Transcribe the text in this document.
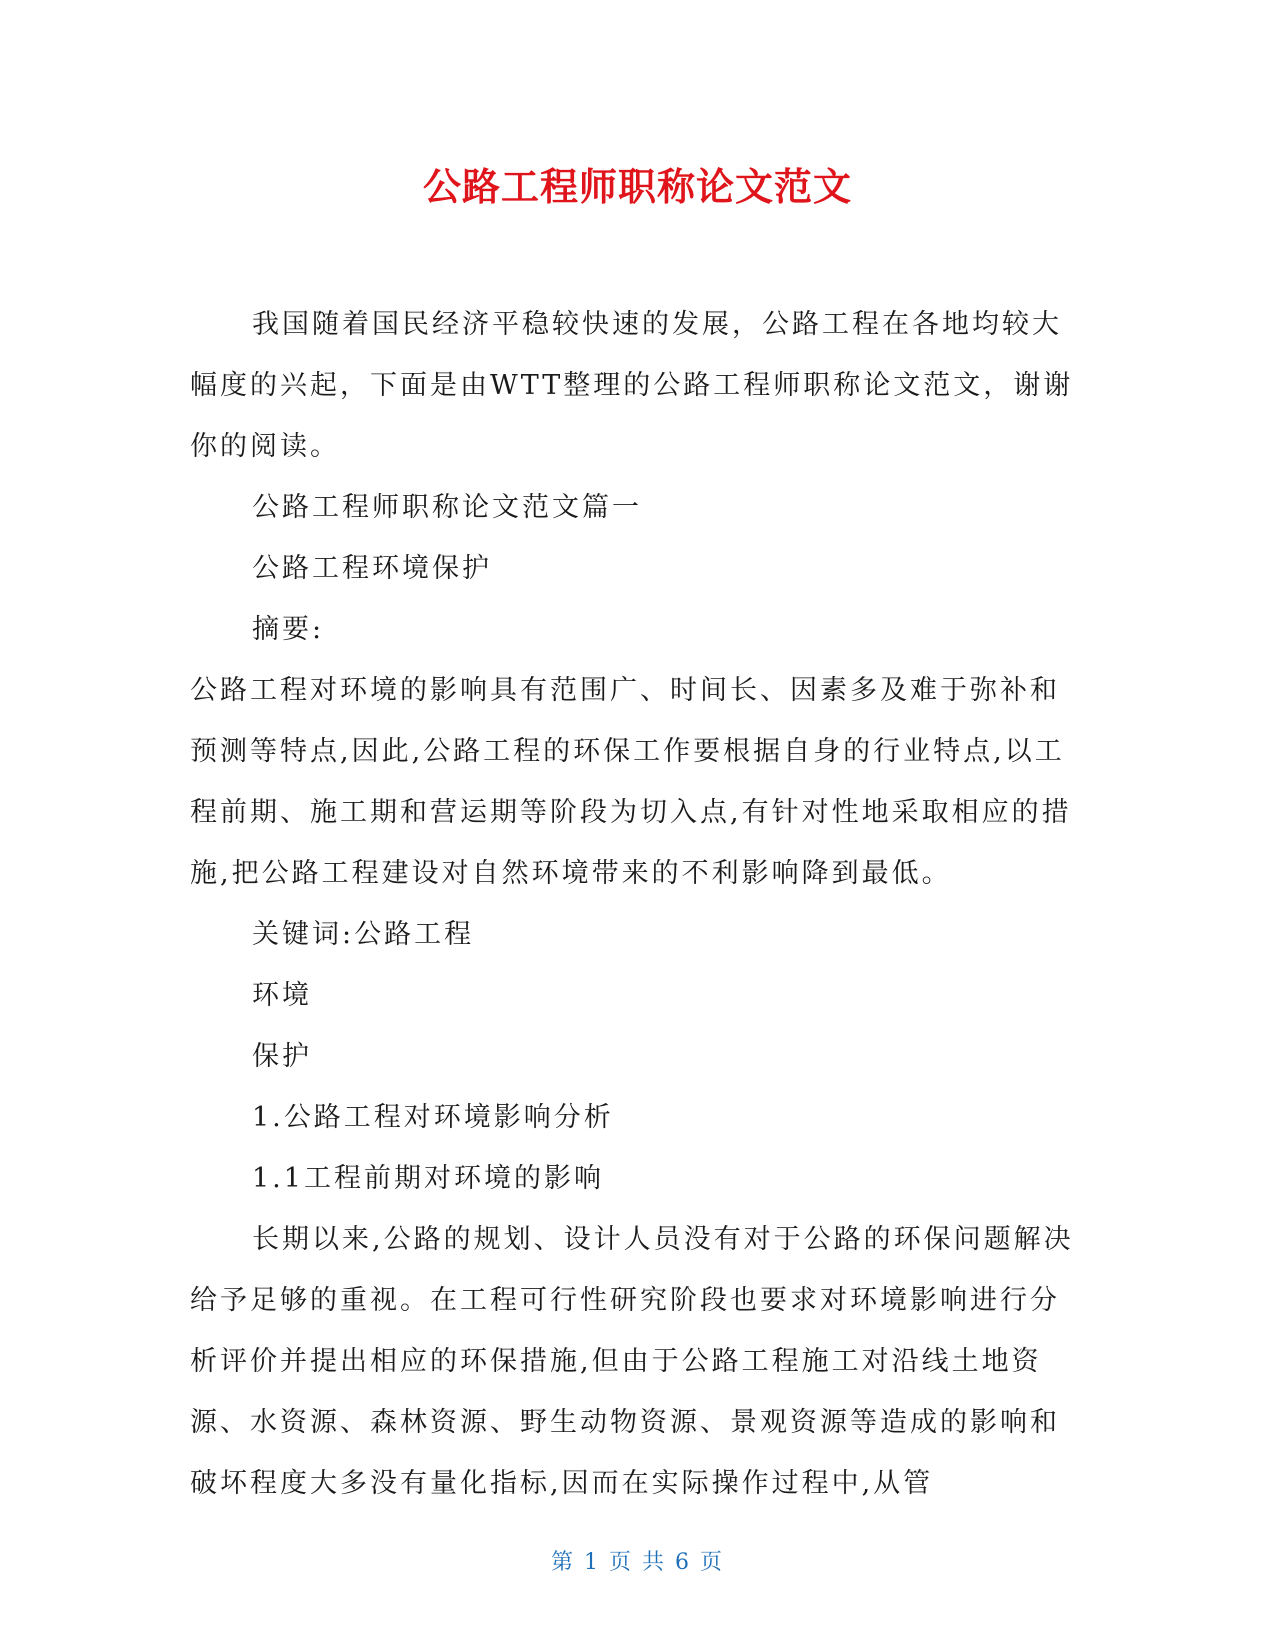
公路工程师职称论文范文

我国随着国民经济平稳较快速的发展，公路工程在各地均较大幅度的兴起，下面是由WTT整理的公路工程师职称论文范文，谢谢你的阅读。

公路工程师职称论文范文篇一

公路工程环境保护

摘要:

公路工程对环境的影响具有范围广、时间长、因素多及难于弥补和预测等特点,因此,公路工程的环保工作要根据自身的行业特点,以工程前期、施工期和营运期等阶段为切入点,有针对性地采取相应的措施,把公路工程建设对自然环境带来的不利影响降到最低。

关键词:公路工程

环境

保护

1.公路工程对环境影响分析

1.1工程前期对环境的影响

长期以来,公路的规划、设计人员没有对于公路的环保问题解决给予足够的重视。在工程可行性研究阶段也要求对环境影响进行分析评价并提出相应的环保措施,但由于公路工程施工对沿线土地资源、水资源、森林资源、野生动物资源、景观资源等造成的影响和破坏程度大多没有量化指标,因而在实际操作过程中,从管

第 1 页 共 6 页
